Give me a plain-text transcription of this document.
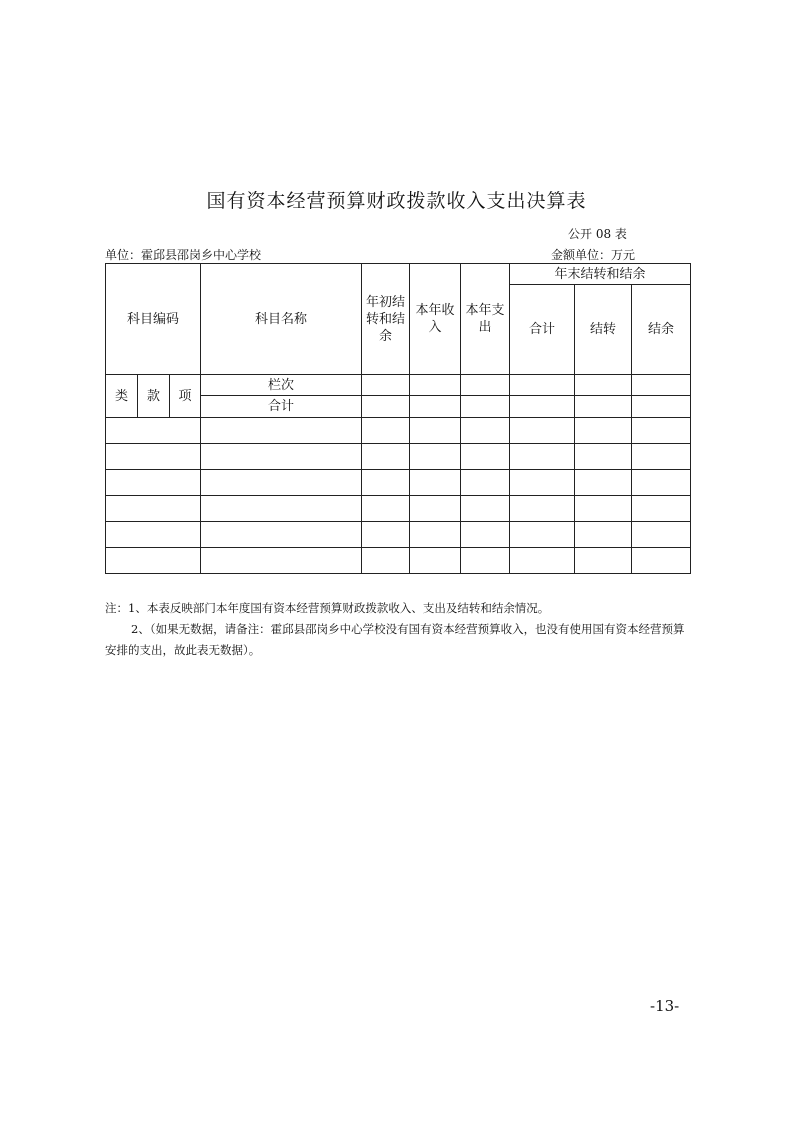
国有资本经营预算财政拨款收入支出决算表
公开 08 表
单位：霍邱县邵岗乡中心学校	金额单位：万元
科目编码			科目名称	年初结转和结余	本年收入	本年支出	年末结转和结余		
							合计	结转	结余
类	款	项	栏次						
			合计						

注：1、本表反映部门本年度国有资本经营预算财政拨款收入、支出及结转和结余情况。
2、（如果无数据，请备注：霍邱县邵岗乡中心学校没有国有资本经营预算收入，也没有使用国有资本经营预算安排的支出，故此表无数据）。
-13-
